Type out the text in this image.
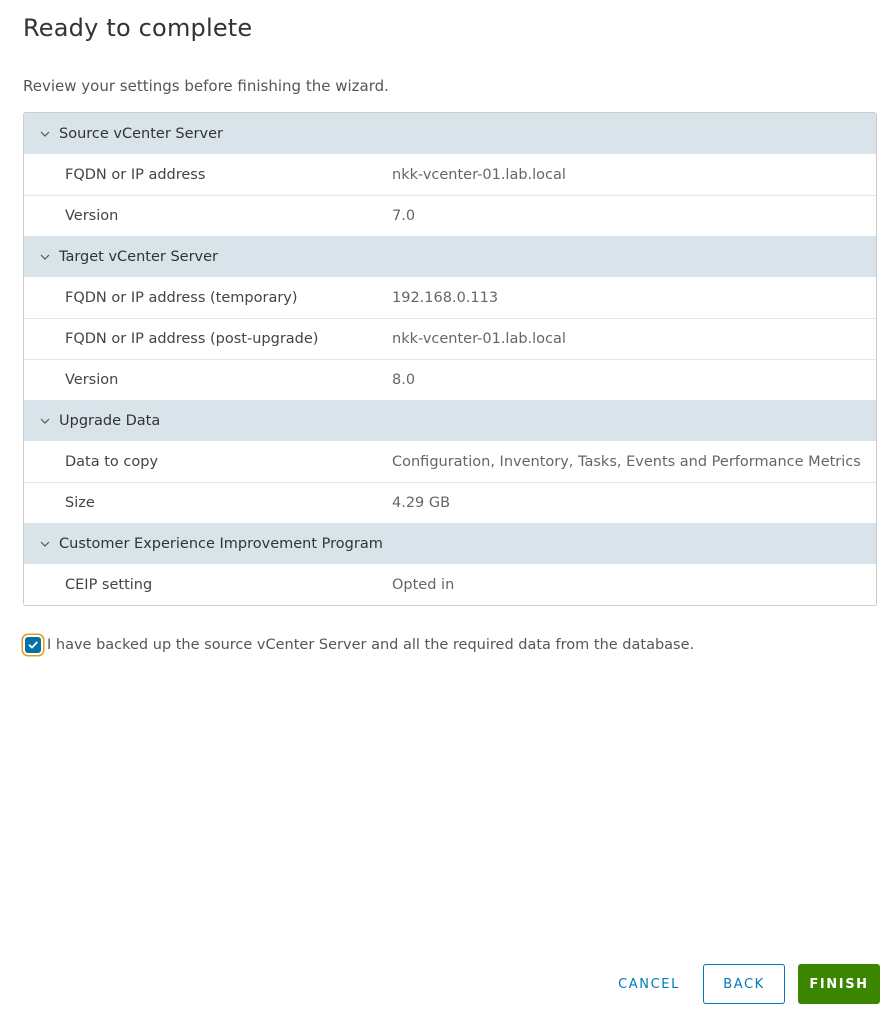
Ready to complete

Review your settings before finishing the wizard.

Source vCenter Server
FQDN or IP address	nkk-vcenter-01.lab.local
Version	7.0
Target vCenter Server
FQDN or IP address (temporary)	192.168.0.113
FQDN or IP address (post-upgrade)	nkk-vcenter-01.lab.local
Version	8.0
Upgrade Data
Data to copy	Configuration, Inventory, Tasks, Events and Performance Metrics
Size	4.29 GB
Customer Experience Improvement Program
CEIP setting	Opted in
I have backed up the source vCenter Server and all the required data from the database.
CANCEL	BACK	FINISH
